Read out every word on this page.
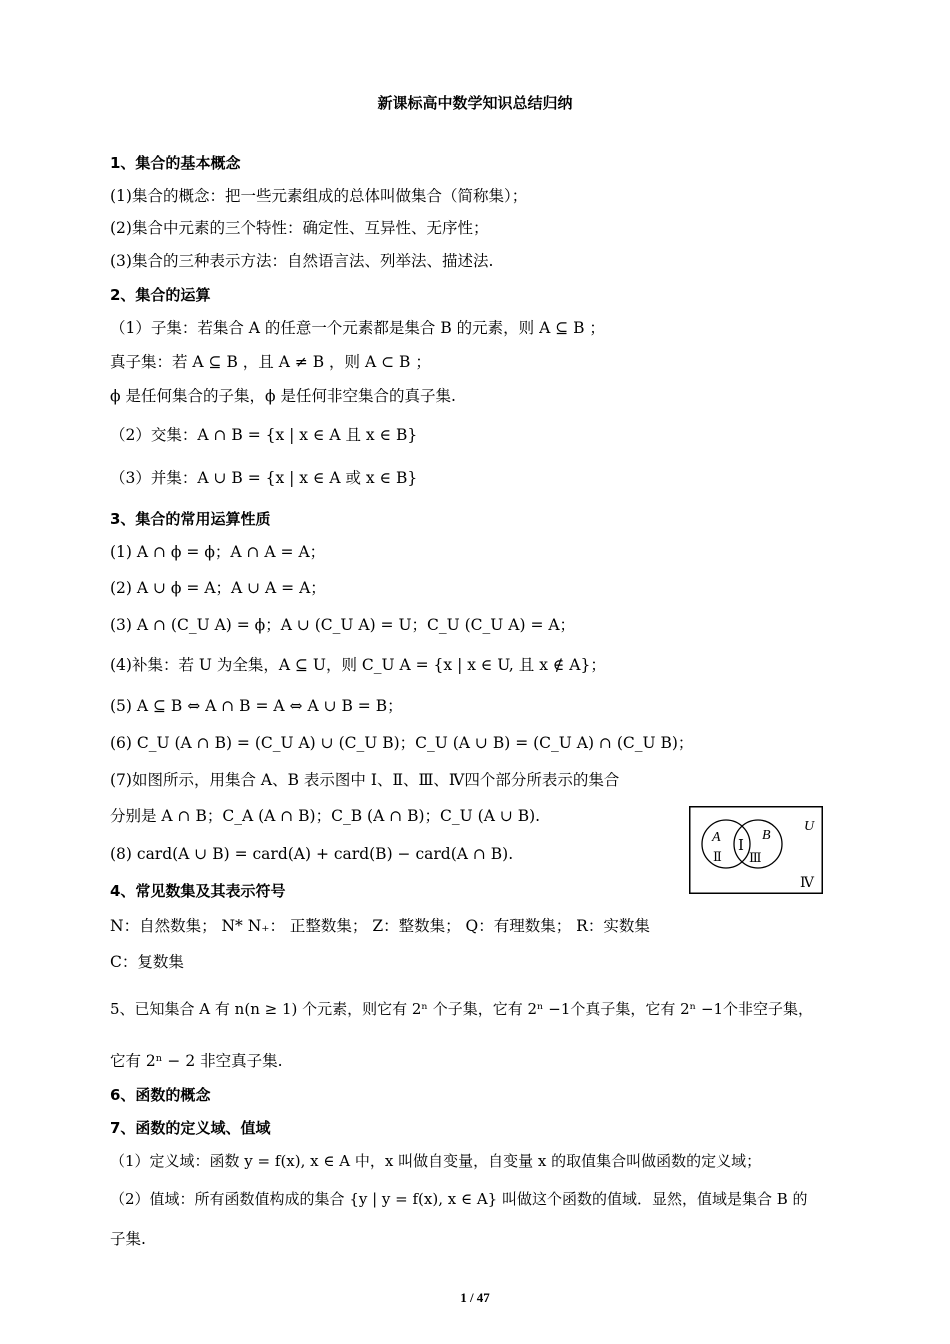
新课标高中数学知识总结归纳
1、集合的基本概念
(1)集合的概念：把一些元素组成的总体叫做集合（简称集）；
(2)集合中元素的三个特性：确定性、互异性、无序性；
(3)集合的三种表示方法：自然语言法、列举法、描述法.
2、集合的运算
（1）子集：若集合 A 的任意一个元素都是集合 B 的元素，则 A ⊆ B ；
真子集：若 A ⊆ B ，且 A ≠ B ，则 A ⊂ B ；
ϕ 是任何集合的子集，ϕ 是任何非空集合的真子集.
（2）交集：A ∩ B = {x | x ∈ A 且 x ∈ B}
（3）并集：A ∪ B = {x | x ∈ A 或 x ∈ B}
3、集合的常用运算性质
(1) A ∩ ϕ = ϕ；A ∩ A = A；
(2) A ∪ ϕ = A；A ∪ A = A；
(3) A ∩ (C_U A) = ϕ；A ∪ (C_U A) = U；C_U (C_U A) = A；
(4)补集：若 U 为全集，A ⊆ U，则 C_U A = {x | x ∈ U, 且 x ∉ A}；
(5) A ⊆ B ⇔ A ∩ B = A ⇔ A ∪ B = B；
(6) C_U (A ∩ B) = (C_U A) ∪ (C_U B)；C_U (A ∪ B) = (C_U A) ∩ (C_U B)；
(7)如图所示，用集合 A、B 表示图中 Ⅰ、Ⅱ、Ⅲ、Ⅳ四个部分所表示的集合
分别是 A ∩ B；C_A (A ∩ B)；C_B (A ∩ B)；C_U (A ∪ B).
(8) card(A ∪ B) = card(A) + card(B) − card(A ∩ B).
A	B
U
Ⅰ
Ⅱ Ⅲ
Ⅳ
4、常见数集及其表示符号
N：自然数集； N* N₊： 正整数集； Z：整数集； Q：有理数集； R：实数集
C：复数集
5、已知集合 A 有 n(n ≥ 1) 个元素，则它有 2ⁿ 个子集，它有 2ⁿ −1个真子集，它有 2ⁿ −1个非空子集，
它有 2ⁿ − 2 非空真子集.
6、函数的概念
7、函数的定义域、值域
（1）定义域：函数 y = f(x), x ∈ A 中，x 叫做自变量，自变量 x 的取值集合叫做函数的定义域；
（2）值域：所有函数值构成的集合 {y | y = f(x), x ∈ A} 叫做这个函数的值域．显然，值域是集合 B 的
子集.
1 / 47
